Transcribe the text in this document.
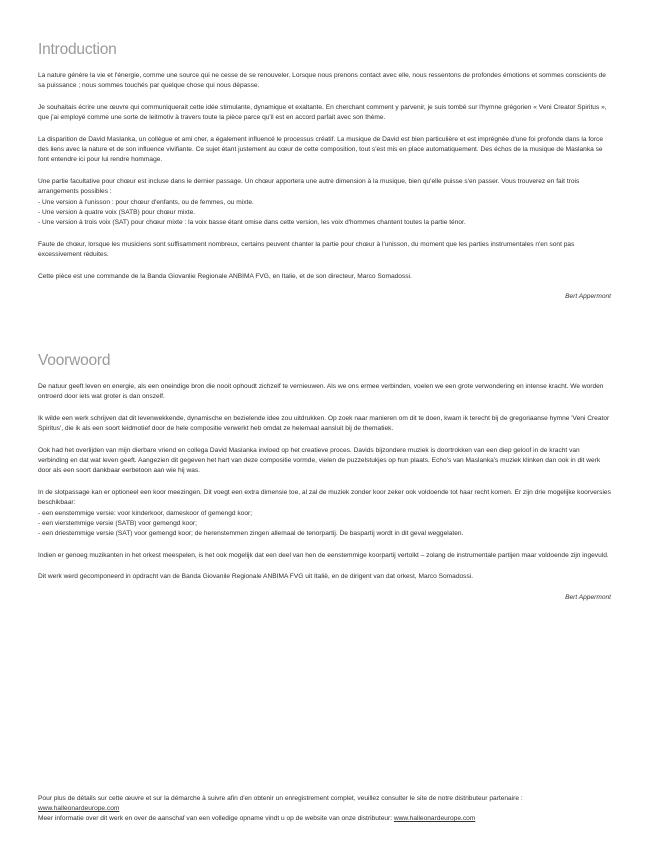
Introduction

La nature génère la vie et l'énergie, comme une source qui ne cesse de se renouveler. Lorsque nous prenons contact avec elle, nous ressentons de profondes émotions et sommes conscients de sa puissance ; nous sommes touchés par quelque chose qui nous dépasse.

Je souhaitais écrire une œuvre qui communiquerait cette idée stimulante, dynamique et exaltante. En cherchant comment y parvenir, je suis tombé sur l'hymne grégorien « Veni Creator Spiritus », que j'ai employé comme une sorte de leitmotiv à travers toute la pièce parce qu'il est en accord parfait avec son thème.

La disparition de David Maslanka, un collègue et ami cher, a également influencé le processus créatif. La musique de David est bien particulière et est imprégnée d'une foi profonde dans la force des liens avec la nature et de son influence vivifiante. Ce sujet étant justement au cœur de cette composition, tout s'est mis en place automatiquement. Des échos de la musique de Maslanka se font entendre ici pour lui rendre hommage.

Une partie facultative pour chœur est incluse dans le dernier passage. Un chœur apportera une autre dimension à la musique, bien qu'elle puisse s'en passer. Vous trouverez en fait trois arrangements possibles :
- Une version à l'unisson : pour chœur d'enfants, ou de femmes, ou mixte.
- Une version à quatre voix (SATB) pour chœur mixte.
- Une version à trois voix (SAT) pour chœur mixte : la voix basse étant omise dans cette version, les voix d'hommes chantent toutes la partie ténor.

Faute de chœur, lorsque les musiciens sont suffisamment nombreux, certains peuvent chanter la partie pour chœur à l'unisson, du moment que les parties instrumentales n'en sont pas excessivement réduites.

Cette pièce est une commande de la Banda Giovanlie Regionale ANBIMA FVG, en Italie, et de son directeur, Marco Somadossi.

Bert Appermont

Voorwoord

De natuur geeft leven en energie, als een oneindige bron die nooit ophoudt zichzelf te vernieuwen. Als we ons ermee verbinden, voelen we een grote verwondering en intense kracht. We worden ontroerd door iets wat groter is dan onszelf.

Ik wilde een werk schrijven dat dit levenwekkende, dynamische en bezielende idee zou uitdrukken. Op zoek naar manieren om dit te doen, kwam ik terecht bij de gregoriaanse hymne 'Veni Creator Spiritus', die ik als een soort leidmotief door de hele compositie verwerkt heb omdat ze helemaal aansluit bij de thematiek.

Ook had het overlijden van mijn dierbare vriend en collega David Maslanka invloed op het creatieve proces. Davids bijzondere muziek is doortrokken van een diep geloof in de kracht van verbinding en dat wat leven geeft. Aangezien dit gegeven het hart van deze compositie vormde, vielen de puzzelstukjes op hun plaats. Echo's van Maslanka's muziek klinken dan ook in dit werk door als een soort dankbaar eerbetoon aan wie hij was.

In de slotpassage kan er optioneel een koor meezingen. Dit voegt een extra dimensie toe, al zal de muziek zonder koor zeker ook voldoende tot haar recht komen. Er zijn drie mogelijke koorversies beschikbaar:
- een eenstemmige versie: voor kinderkoor, dameskoor of gemengd koor;
- een vierstemmige versie (SATB) voor gemengd koor;
- een driestemmige versie (SAT) voor gemengd koor; de herenstemmen zingen allemaal de tenorpartij. De baspartij wordt in dit geval weggelaten.

Indien er genoeg muzikanten in het orkest meespelen, is het ook mogelijk dat een deel van hen de eenstemmige koorpartij vertolkt – zolang de instrumentale partijen maar voldoende zijn ingevuld.

Dit werk werd gecomponeerd in opdracht van de Banda Giovanile Regionale ANBIMA FVG uit Italië, en de dirigent van dat orkest, Marco Somadossi.

Bert Appermont

Pour plus de détails sur cette œuvre et sur la démarche à suivre afin d'en obtenir un enregistrement complet, veuillez consulter le site de notre distributeur partenaire :
www.halleonardeurope.com
Meer informatie over dit werk en over de aanschaf van een volledige opname vindt u op de website van onze distributeur: www.halleonardeurope.com
